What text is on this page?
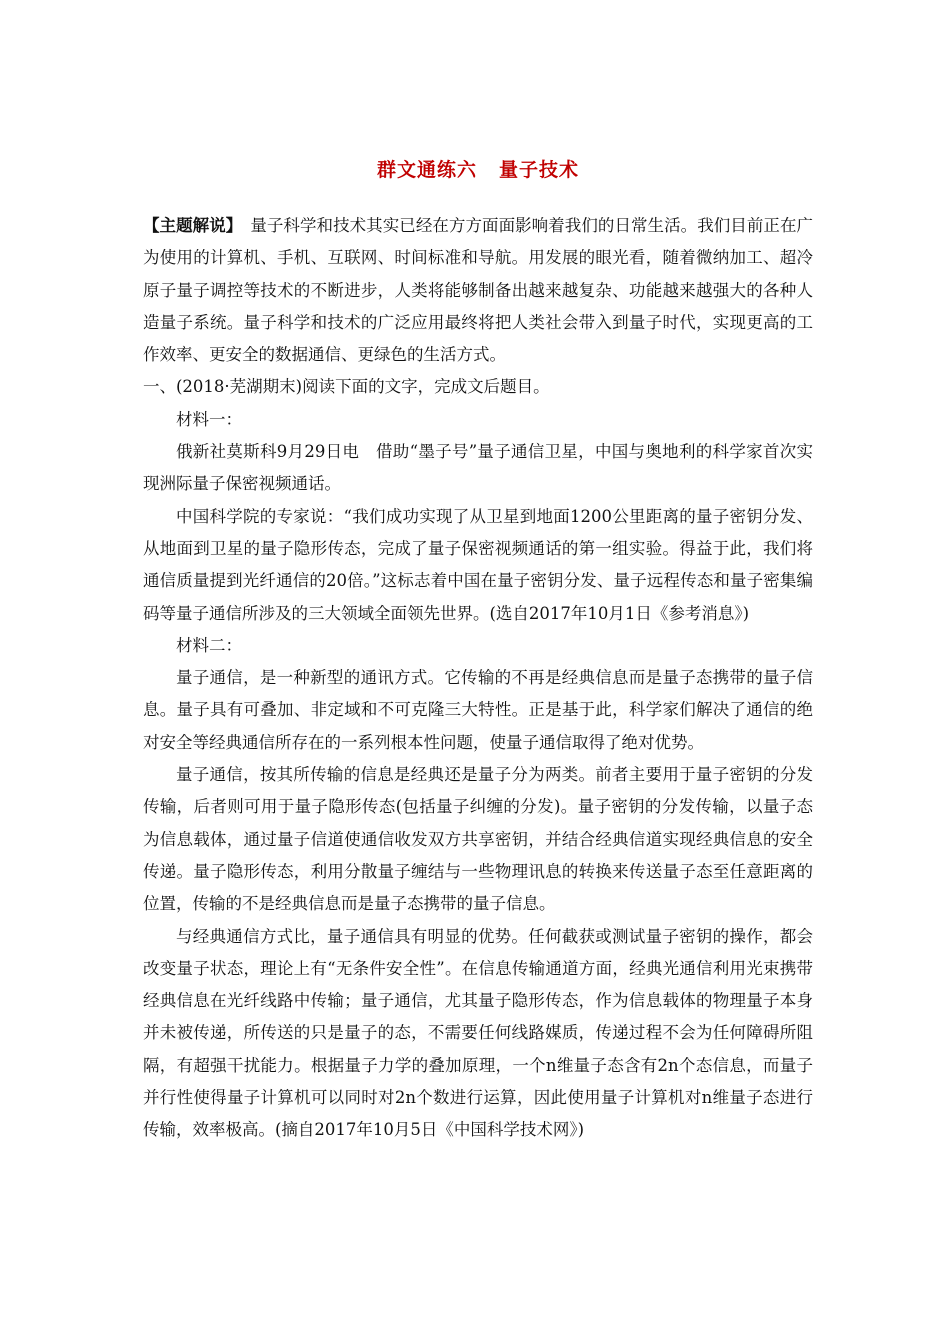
群文通练六 量子技术

【主题解说】 量子科学和技术其实已经在方方面面影响着我们的日常生活。我们目前正在广为使用的计算机、手机、互联网、时间标准和导航。用发展的眼光看，随着微纳加工、超冷原子量子调控等技术的不断进步，人类将能够制备出越来越复杂、功能越来越强大的各种人造量子系统。量子科学和技术的广泛应用最终将把人类社会带入到量子时代，实现更高的工作效率、更安全的数据通信、更绿色的生活方式。

一、(2018·芜湖期末)阅读下面的文字，完成文后题目。

材料一：

俄新社莫斯科9月29日电　借助“墨子号”量子通信卫星，中国与奥地利的科学家首次实现洲际量子保密视频通话。

中国科学院的专家说：“我们成功实现了从卫星到地面1200公里距离的量子密钥分发、从地面到卫星的量子隐形传态，完成了量子保密视频通话的第一组实验。得益于此，我们将通信质量提到光纤通信的20倍。”这标志着中国在量子密钥分发、量子远程传态和量子密集编码等量子通信所涉及的三大领域全面领先世界。(选自2017年10月1日《参考消息》)

材料二：

量子通信，是一种新型的通讯方式。它传输的不再是经典信息而是量子态携带的量子信息。量子具有可叠加、非定域和不可克隆三大特性。正是基于此，科学家们解决了通信的绝对安全等经典通信所存在的一系列根本性问题，使量子通信取得了绝对优势。

量子通信，按其所传输的信息是经典还是量子分为两类。前者主要用于量子密钥的分发传输，后者则可用于量子隐形传态(包括量子纠缠的分发)。量子密钥的分发传输，以量子态为信息载体，通过量子信道使通信收发双方共享密钥，并结合经典信道实现经典信息的安全传递。量子隐形传态，利用分散量子缠结与一些物理讯息的转换来传送量子态至任意距离的位置，传输的不是经典信息而是量子态携带的量子信息。

与经典通信方式比，量子通信具有明显的优势。任何截获或测试量子密钥的操作，都会改变量子状态，理论上有“无条件安全性”。在信息传输通道方面，经典光通信利用光束携带经典信息在光纤线路中传输；量子通信，尤其量子隐形传态，作为信息载体的物理量子本身并未被传递，所传送的只是量子的态，不需要任何线路媒质，传递过程不会为任何障碍所阻隔，有超强干扰能力。根据量子力学的叠加原理，一个n维量子态含有2n个态信息，而量子并行性使得量子计算机可以同时对2n个数进行运算，因此使用量子计算机对n维量子态进行传输，效率极高。(摘自2017年10月5日《中国科学技术网》)
